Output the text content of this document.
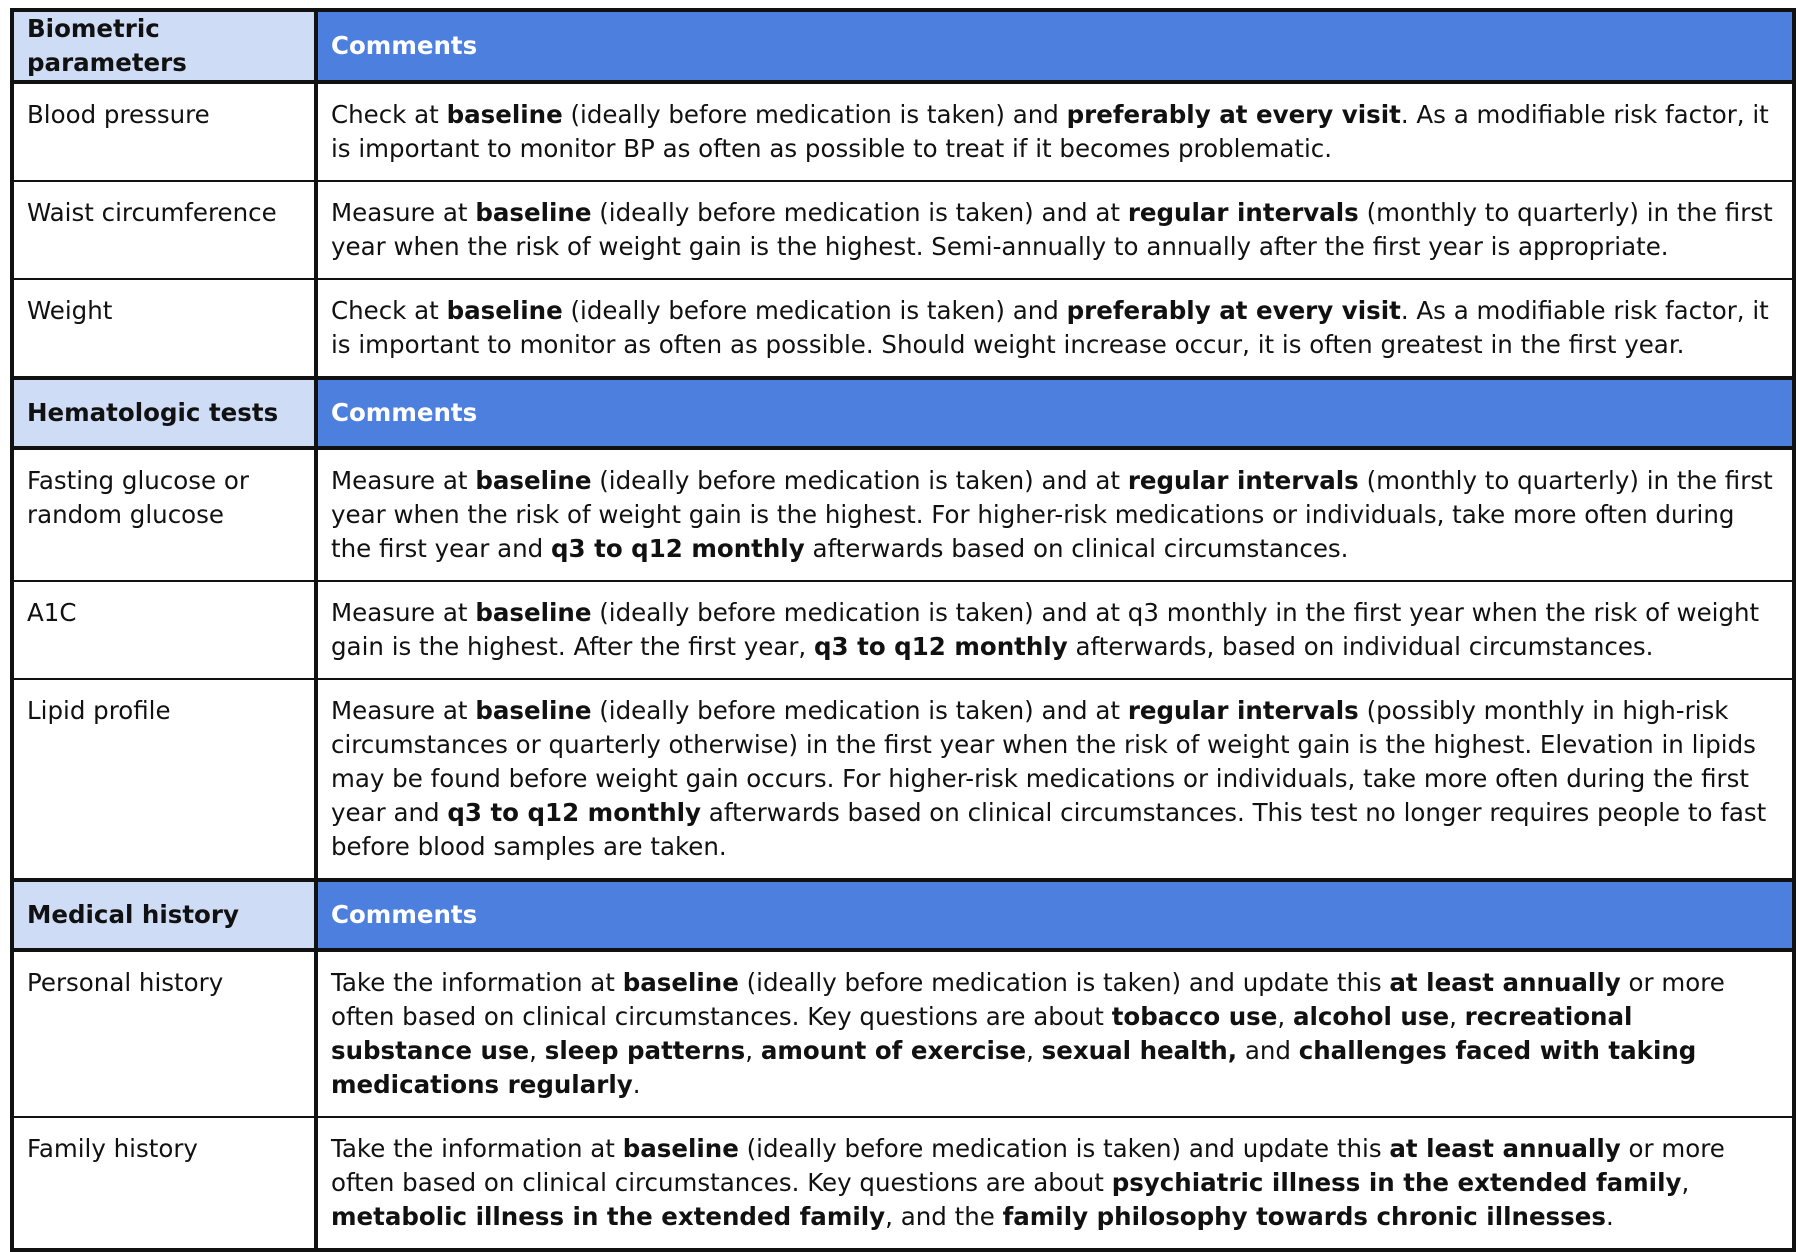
Biometric parameters	Comments
Blood pressure	Check at baseline (ideally before medication is taken) and preferably at every visit. As a modifiable risk factor, it is important to monitor BP as often as possible to treat if it becomes problematic.
Waist circumference	Measure at baseline (ideally before medication is taken) and at regular intervals (monthly to quarterly) in the first year when the risk of weight gain is the highest. Semi-annually to annually after the first year is appropriate.
Weight	Check at baseline (ideally before medication is taken) and preferably at every visit. As a modifiable risk factor, it is important to monitor as often as possible. Should weight increase occur, it is often greatest in the first year.
Hematologic tests	Comments
Fasting glucose or random glucose	Measure at baseline (ideally before medication is taken) and at regular intervals (monthly to quarterly) in the first year when the risk of weight gain is the highest. For higher-risk medications or individuals, take more often during the first year and q3 to q12 monthly afterwards based on clinical circumstances.
A1C	Measure at baseline (ideally before medication is taken) and at q3 monthly in the first year when the risk of weight gain is the highest. After the first year, q3 to q12 monthly afterwards, based on individual circumstances.
Lipid profile	Measure at baseline (ideally before medication is taken) and at regular intervals (possibly monthly in high-risk circumstances or quarterly otherwise) in the first year when the risk of weight gain is the highest. Elevation in lipids may be found before weight gain occurs. For higher-risk medications or individuals, take more often during the first year and q3 to q12 monthly afterwards based on clinical circumstances. This test no longer requires people to fast before blood samples are taken.
Medical history	Comments
Personal history	Take the information at baseline (ideally before medication is taken) and update this at least annually or more often based on clinical circumstances. Key questions are about tobacco use, alcohol use, recreational substance use, sleep patterns, amount of exercise, sexual health, and challenges faced with taking medications regularly.
Family history	Take the information at baseline (ideally before medication is taken) and update this at least annually or more often based on clinical circumstances. Key questions are about psychiatric illness in the extended family, metabolic illness in the extended family, and the family philosophy towards chronic illnesses.
